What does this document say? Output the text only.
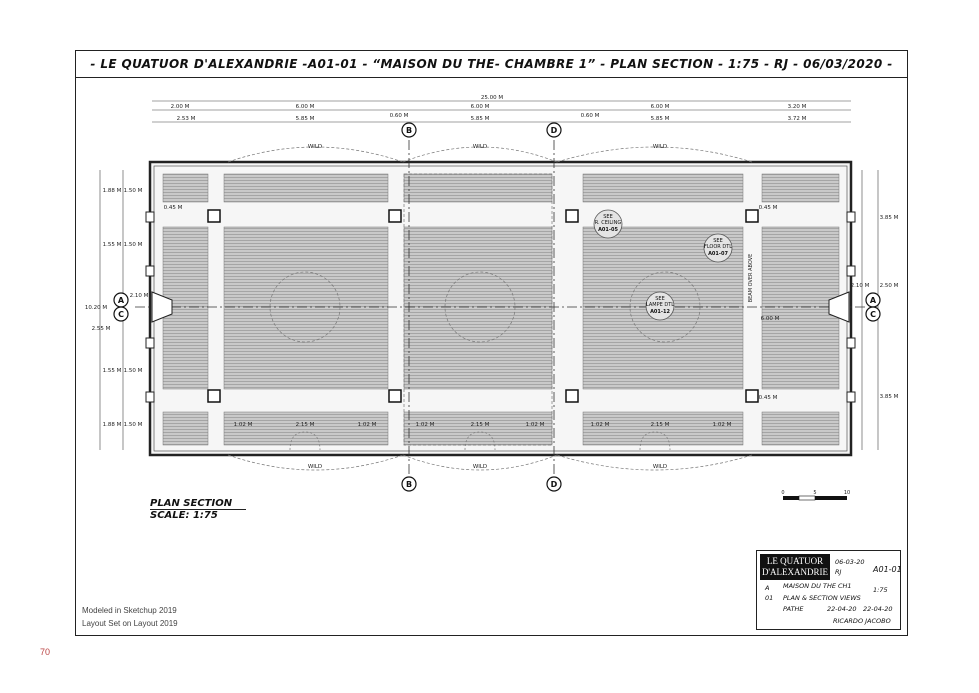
- LE QUATUOR D'ALEXANDRIE -A01-01 - “MAISON DU THE- CHAMBRE 1” - PLAN SECTION - 1:75 - RJ - 06/03/2020 -
25.00 M
2.00 M	6.00 M
0.60 M
6.00 M
0.60 M
6.00 M	3.20 M
2.53 M	5.85 M	5.85 M	5.85 M	3.72 M
1.88 M
1.55 M
10.20 M
2.55 M
1.55 M
1.88 M
1.50 M
1.50 M
2.10 M
1.50 M
1.50 M
3.85 M
2.50 M
3.85 M
2.10 M
0.45 M	0.45 M
0.45 M
6.00 M
1.02 M	2.15 M	1.02 M	1.02 M	2.15 M	1.02 M	1.02 M	2.15 M	1.02 M
WILD	WILD	WILD
WILD	WILD	WILD
BEAM OVER ABOVE
B	D
B	D
A
C
A
C
SEE
R. CEILING
A01-05
SEE
FLOOR DTL
A01-07
SEE
LAMPE DTL
A01-12
0	5	10
PLAN SECTION
SCALE: 1:75
Modeled in Sketchup 2019
Layout Set on Layout 2019
LE QUATUOR
D'ALEXANDRIE
06-03-20
RJ	A01-01
A MAISON DU THE CH1	1:75
01 PLAN & SECTION VIEWS
PATHE	22-04-20 22-04-20
RICARDO JACOBO
70
